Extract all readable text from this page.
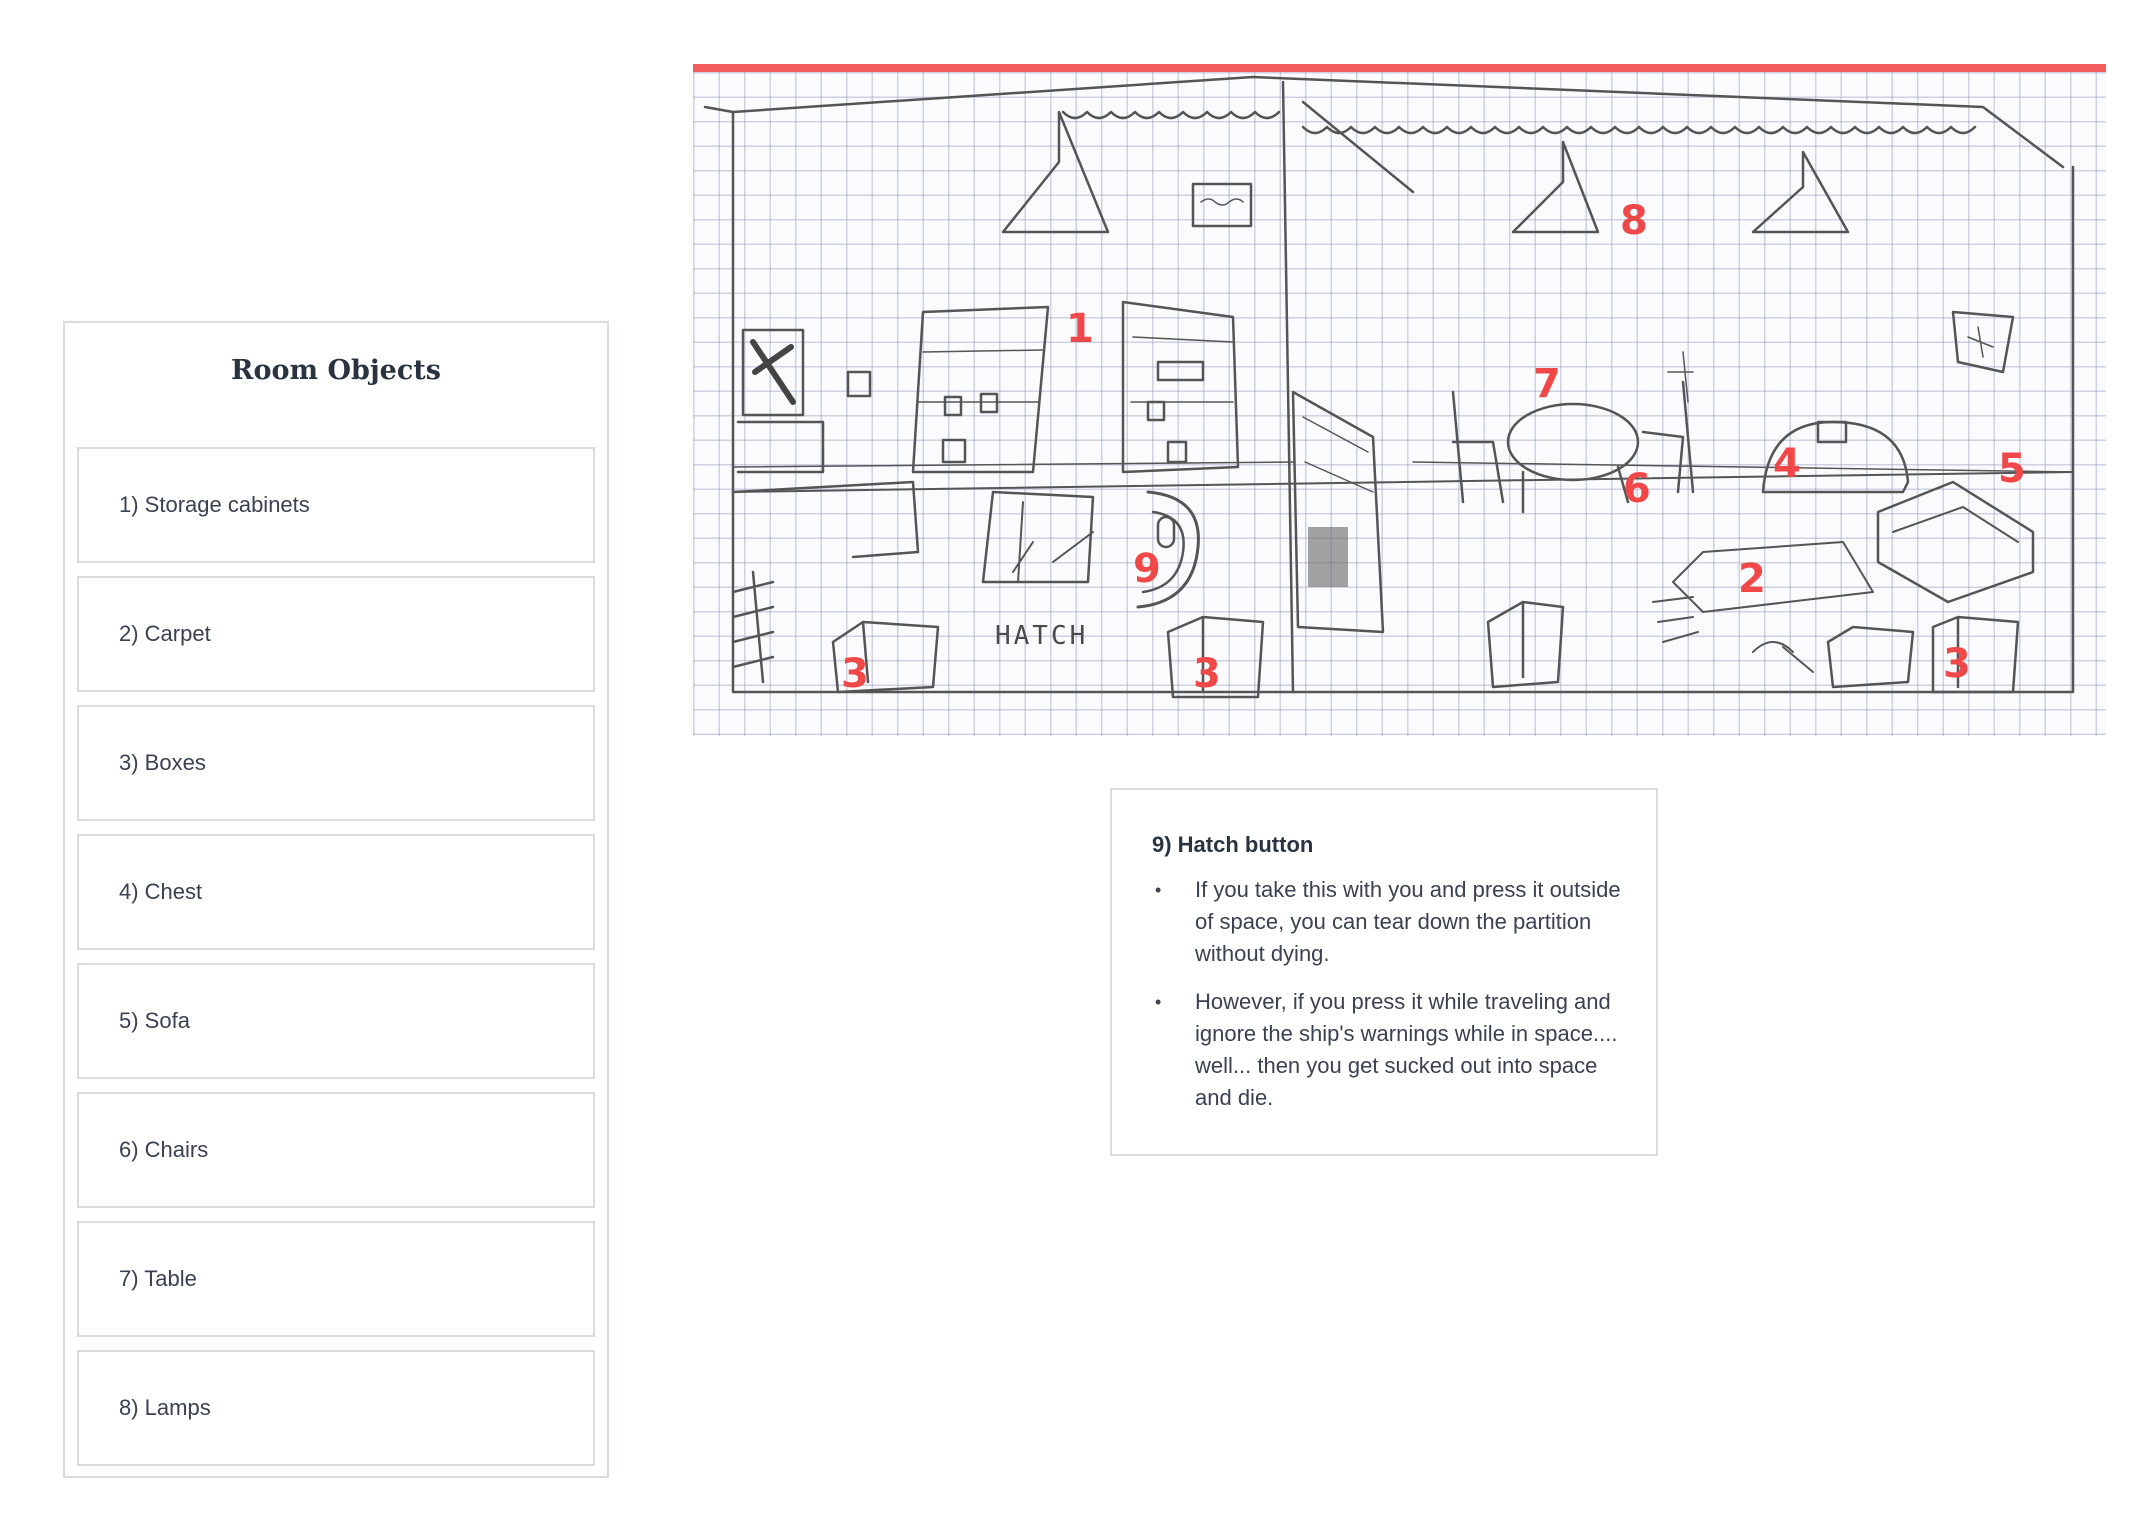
Room Objects
1) Storage cabinets
2) Carpet
3) Boxes
4) Chest
5) Sofa
6) Chairs
7) Table
8) Lamps
HATCH
1
2
3	3	3
4	5
6
7
8
9
9) Hatch button
• If you take this with you and press it outside of space, you can tear down the partition without dying.
• However, if you press it while traveling and ignore the ship's warnings while in space.... well... then you get sucked out into space and die.
